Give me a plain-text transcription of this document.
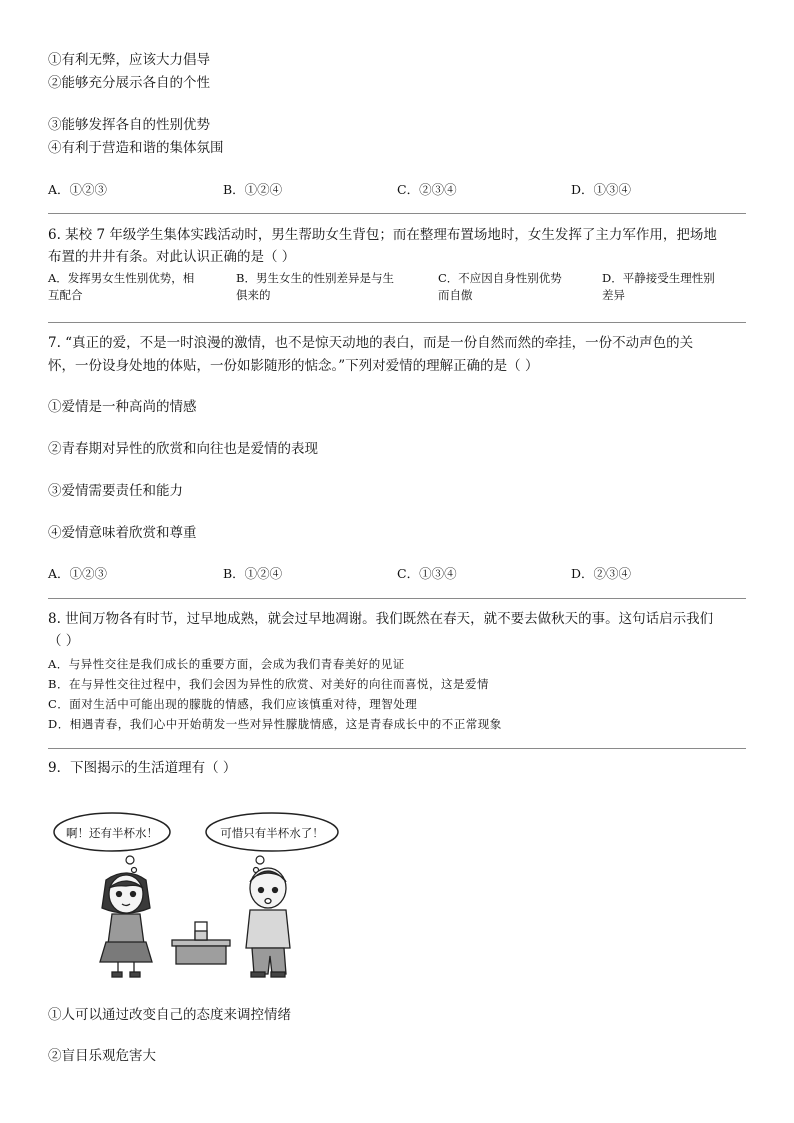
①有利无弊，应该大力倡导
②能够充分展示各自的个性
③能够发挥各自的性别优势
④有利于营造和谐的集体氛围
A．①②③	B．①②④	C．②③④	D．①③④
6. 某校 7 年级学生集体实践活动时，男生帮助女生背包；而在整理布置场地时，女生发挥了主力军作用，把场地
布置的井井有条。对此认识正确的是（ ）
A．发挥男女生性别优势，相
互配合
B．男生女生的性别差异是与生
俱来的
C．不应因自身性别优势
而自傲
D．平静接受生理性别
差异
7. “真正的爱，不是一时浪漫的激情，也不是惊天动地的表白，而是一份自然而然的牵挂，一份不动声色的关
怀，一份设身处地的体贴，一份如影随形的惦念。”下列对爱情的理解正确的是（ ）
①爱情是一种高尚的情感
②青春期对异性的欣赏和向往也是爱情的表现
③爱情需要责任和能力
④爱情意味着欣赏和尊重
A．①②③	B．①②④	C．①③④	D．②③④
8. 世间万物各有时节，过早地成熟，就会过早地凋谢。我们既然在春天，就不要去做秋天的事。这句话启示我们
（ ）
A．与异性交往是我们成长的重要方面，会成为我们青春美好的见证
B．在与异性交往过程中，我们会因为异性的欣赏、对美好的向往而喜悦，这是爱情
C．面对生活中可能出现的朦胧的情感，我们应该慎重对待，理智处理
D．相遇青春，我们心中开始萌发一些对异性朦胧情感，这是青春成长中的不正常现象
9．下图揭示的生活道理有（ ）
啊！还有半杯水！	可惜只有半杯水了！
①人可以通过改变自己的态度来调控情绪
②盲目乐观危害大
